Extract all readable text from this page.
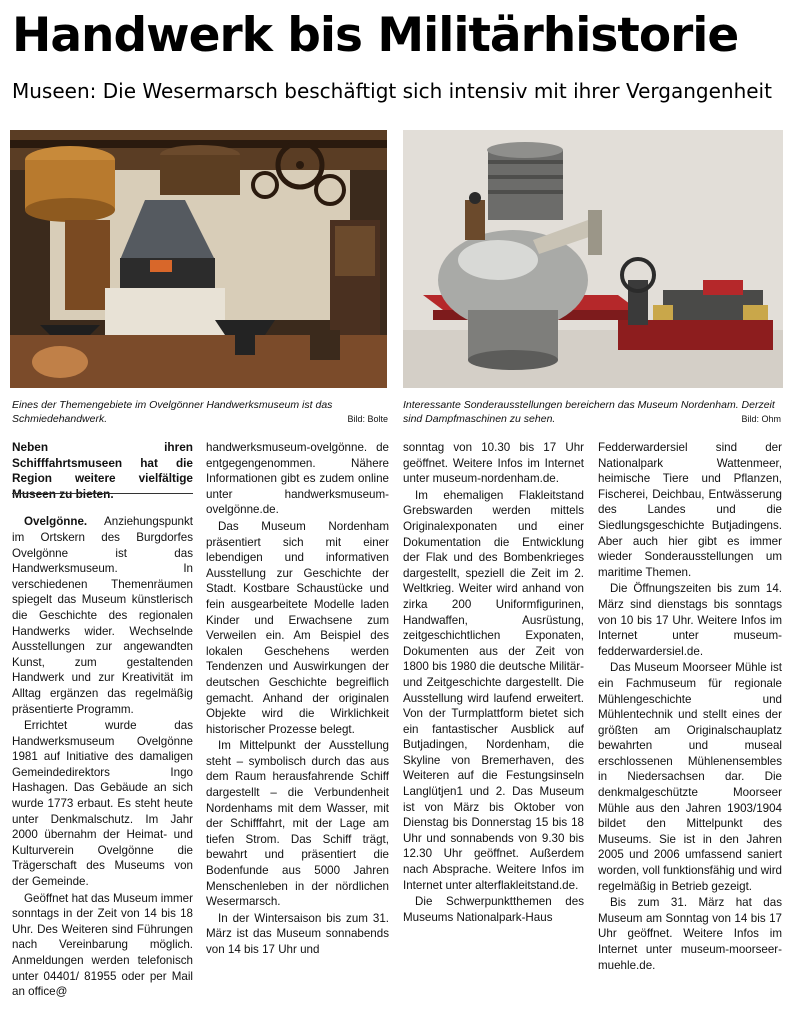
Handwerk bis Militärhistorie
Museen: Die Wesermarsch beschäftigt sich intensiv mit ihrer Vergangenheit
Eines der Themengebiete im Ovelgönner Handwerksmuseum ist das Schmiedehandwerk.	Bild: Bolte
Interessante Sonderausstellungen bereichern das Museum Nordenham. Derzeit sind Dampfmaschinen zu sehen.	Bild: Ohm

Neben ihren Schifffahrtsmuseen hat die Region weitere vielfältige Museen zu bieten.

Ovelgönne. Anziehungspunkt im Ortskern des Burgdorfes Ovelgönne ist das Handwerksmuseum. In verschiedenen Themenräumen spiegelt das Museum künstlerisch die Geschichte des regionalen Handwerks wider. Wechselnde Ausstellungen zur angewandten Kunst, zum gestaltenden Handwerk und zur Kreativität im Alltag ergänzen das regelmäßig präsentierte Programm.

Errichtet wurde das Handwerksmuseum Ovelgönne 1981 auf Initiative des damaligen Gemeindedirektors Ingo Hashagen. Das Gebäude an sich wurde 1773 erbaut. Es steht heute unter Denkmalschutz. Im Jahr 2000 übernahm der Heimat- und Kulturverein Ovelgönne die Trägerschaft des Museums von der Gemeinde.

Geöffnet hat das Museum immer sonntags in der Zeit von 14 bis 18 Uhr. Des Weiteren sind Führungen nach Vereinbarung möglich. Anmeldungen werden telefonisch unter 04401/ 81955 oder per Mail an office@

handwerksmuseum-ovelgönne. de entgegengenommen. Nähere Informationen gibt es zudem online unter handwerksmuseum-ovelgönne.de.

Das Museum Nordenham präsentiert sich mit einer lebendigen und informativen Ausstellung zur Geschichte der Stadt. Kostbare Schaustücke und fein ausgearbeitete Modelle laden Kinder und Erwachsene zum Verweilen ein. Am Beispiel des lokalen Geschehens werden Tendenzen und Auswirkungen der deutschen Geschichte begreiflich gemacht. Anhand der originalen Objekte wird die Wirklichkeit historischer Prozesse belegt.

Im Mittelpunkt der Ausstellung steht – symbolisch durch das aus dem Raum herausfahrende Schiff dargestellt – die Verbundenheit Nordenhams mit dem Wasser, mit der Schifffahrt, mit der Lage am tiefen Strom. Das Schiff trägt, bewahrt und präsentiert die Bodenfunde aus 5000 Jahren Menschenleben in der nördlichen Wesermarsch.

In der Wintersaison bis zum 31. März ist das Museum sonnabends von 14 bis 17 Uhr und

sonntag von 10.30 bis 17 Uhr geöffnet. Weitere Infos im Internet unter museum-nordenham.de.

Im ehemaligen Flakleitstand Grebswarden werden mittels Originalexponaten und einer Dokumentation die Entwicklung der Flak und des Bombenkrieges dargestellt, speziell die Zeit im 2. Weltkrieg. Weiter wird anhand von zirka 200 Uniformfigurinen, Handwaffen, Ausrüstung, zeitgeschichtlichen Exponaten, Dokumenten aus der Zeit von 1800 bis 1980 die deutsche Militär- und Zeitgeschichte dargestellt. Die Ausstellung wird laufend erweitert. Von der Turmplattform bietet sich ein fantastischer Ausblick auf Butjadingen, Nordenham, die Skyline von Bremerhaven, des Weiteren auf die Festungsinseln Langlütjen1 und 2. Das Museum ist von März bis Oktober von Dienstag bis Donnerstag 15 bis 18 Uhr und sonnabends von 9.30 bis 12.30 Uhr geöffnet. Außerdem nach Absprache. Weitere Infos im Internet unter alterflakleitstand.de.

Die Schwerpunktthemen des Museums Nationalpark-Haus

Fedderwardersiel sind der Nationalpark Wattenmeer, heimische Tiere und Pflanzen, Fischerei, Deichbau, Entwässerung des Landes und die Siedlungsgeschichte Butjadingens. Aber auch hier gibt es immer wieder Sonderausstellungen um maritime Themen.

Die Öffnungszeiten bis zum 14. März sind dienstags bis sonntags von 10 bis 17 Uhr. Weitere Infos im Internet unter museum-fedderwardersiel.de.

Das Museum Moorseer Mühle ist ein Fachmuseum für regionale Mühlengeschichte und Mühlentechnik und stellt eines der größten am Originalschauplatz bewahrten und museal erschlossenen Mühlenensembles in Niedersachsen dar. Die denkmalgeschützte Moorseer Mühle aus den Jahren 1903/1904 bildet den Mittelpunkt des Museums. Sie ist in den Jahren 2005 und 2006 umfassend saniert worden, voll funktionsfähig und wird regelmäßig in Betrieb gezeigt.

Bis zum 31. März hat das Museum am Sonntag von 14 bis 17 Uhr geöffnet. Weitere Infos im Internet unter museum-moorseer-muehle.de.
